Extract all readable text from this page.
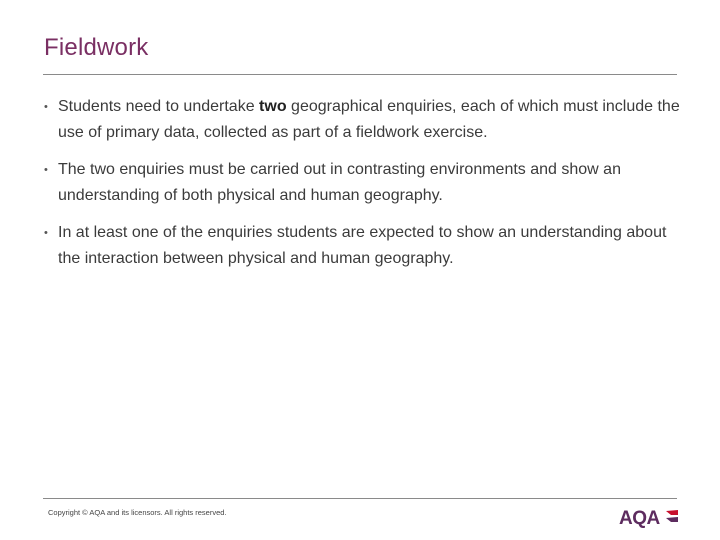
Fieldwork
• Students need to undertake two geographical enquiries, each of which must include the use of primary data, collected as part of a fieldwork exercise.
• The two enquiries must be carried out in contrasting environments and show an understanding of both physical and human geography.
• In at least one of the enquiries students are expected to show an understanding about the interaction between physical and human geography.
Copyright © AQA and its licensors. All rights reserved.	AQA
